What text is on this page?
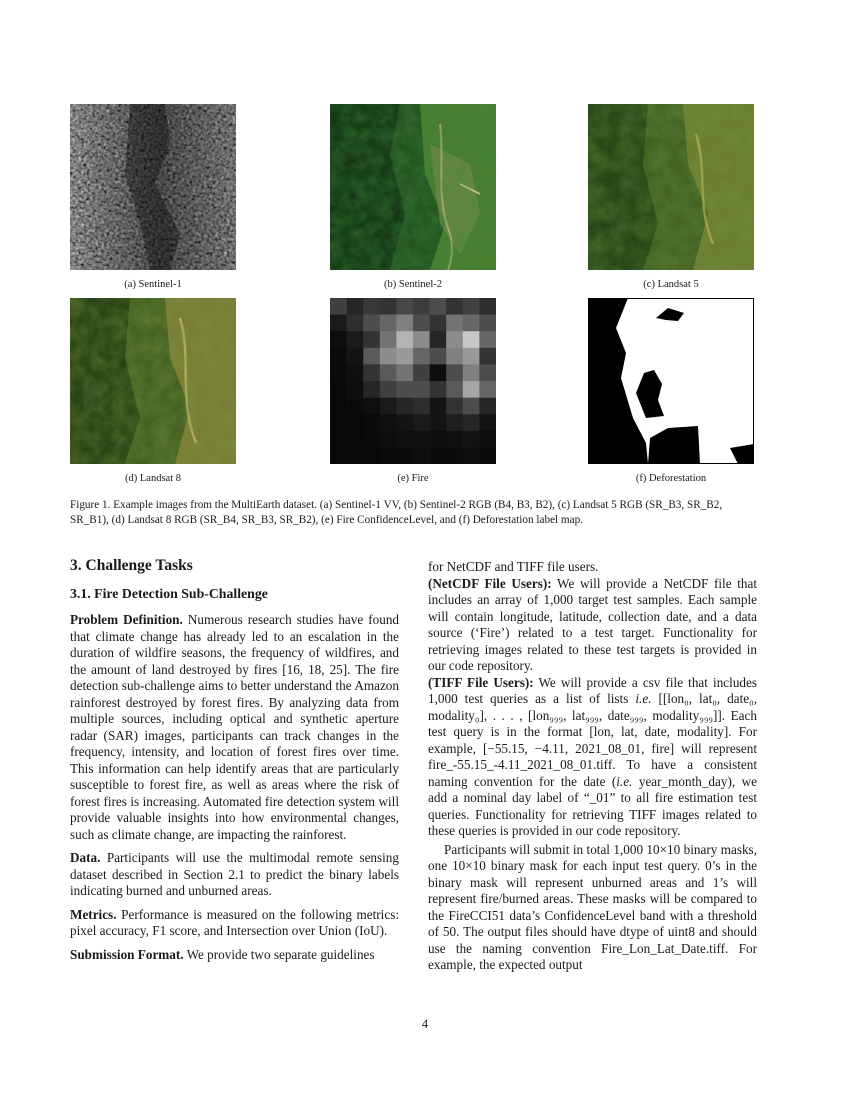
(a) Sentinel-1	(b) Sentinel-2	(c) Landsat 5
(d) Landsat 8	(e) Fire	(f) Deforestation
Figure 1. Example images from the MultiEarth dataset. (a) Sentinel-1 VV, (b) Sentinel-2 RGB (B4, B3, B2), (c) Landsat 5 RGB (SR_B3, SR_B2, SR_B1), (d) Landsat 8 RGB (SR_B4, SR_B3, SR_B2), (e) Fire ConfidenceLevel, and (f) Deforestation label map.
3. Challenge Tasks
3.1. Fire Detection Sub-Challenge

Problem Definition. Numerous research studies have found that climate change has already led to an escalation in the duration of wildfire seasons, the frequency of wildfires, and the amount of land destroyed by fires [16, 18, 25]. The fire detection sub-challenge aims to better understand the Amazon rainforest destroyed by forest fires. By analyzing data from multiple sources, including optical and synthetic aperture radar (SAR) images, participants can track changes in the frequency, intensity, and location of forest fires over time. This information can help identify areas that are particularly susceptible to forest fire, as well as areas where the risk of forest fires is increasing. Automated fire detection system will provide valuable insights into how environmental changes, such as climate change, are impacting the rainforest.

Data. Participants will use the multimodal remote sensing dataset described in Section 2.1 to predict the binary labels indicating burned and unburned areas.

Metrics. Performance is measured on the following metrics: pixel accuracy, F1 score, and Intersection over Union (IoU).

Submission Format. We provide two separate guidelines

for NetCDF and TIFF file users.

(NetCDF File Users): We will provide a NetCDF file that includes an array of 1,000 target test samples. Each sample will contain longitude, latitude, collection date, and a data source (‘Fire’) related to a test target. Functionality for retrieving images related to these test targets is provided in our code repository.

(TIFF File Users): We will provide a csv file that includes 1,000 test queries as a list of lists i.e. [[lon₀, lat₀, date₀, modality₀], . . . , [lon₉₉₉, lat₉₉₉, date₉₉₉, modality₉₉₉]]. Each test query is in the format [lon, lat, date, modality]. For example, [−55.15, −4.11, 2021_08_01, fire] will represent fire_-55.15_-4.11_2021_08_01.tiff. To have a consistent naming convention for the date (i.e. year_month_day), we add a nominal day label of “_01” to all fire estimation test queries. Functionality for retrieving TIFF images related to these queries is provided in our code repository.

Participants will submit in total 1,000 10×10 binary masks, one 10×10 binary mask for each input test query. 0’s in the binary mask will represent unburned areas and 1’s will represent fire/burned areas. These masks will be compared to the FireCCI51 data’s ConfidenceLevel band with a threshold of 50. The output files should have dtype of uint8 and should use the naming convention Fire_Lon_Lat_Date.tiff. For example, the expected output

4
